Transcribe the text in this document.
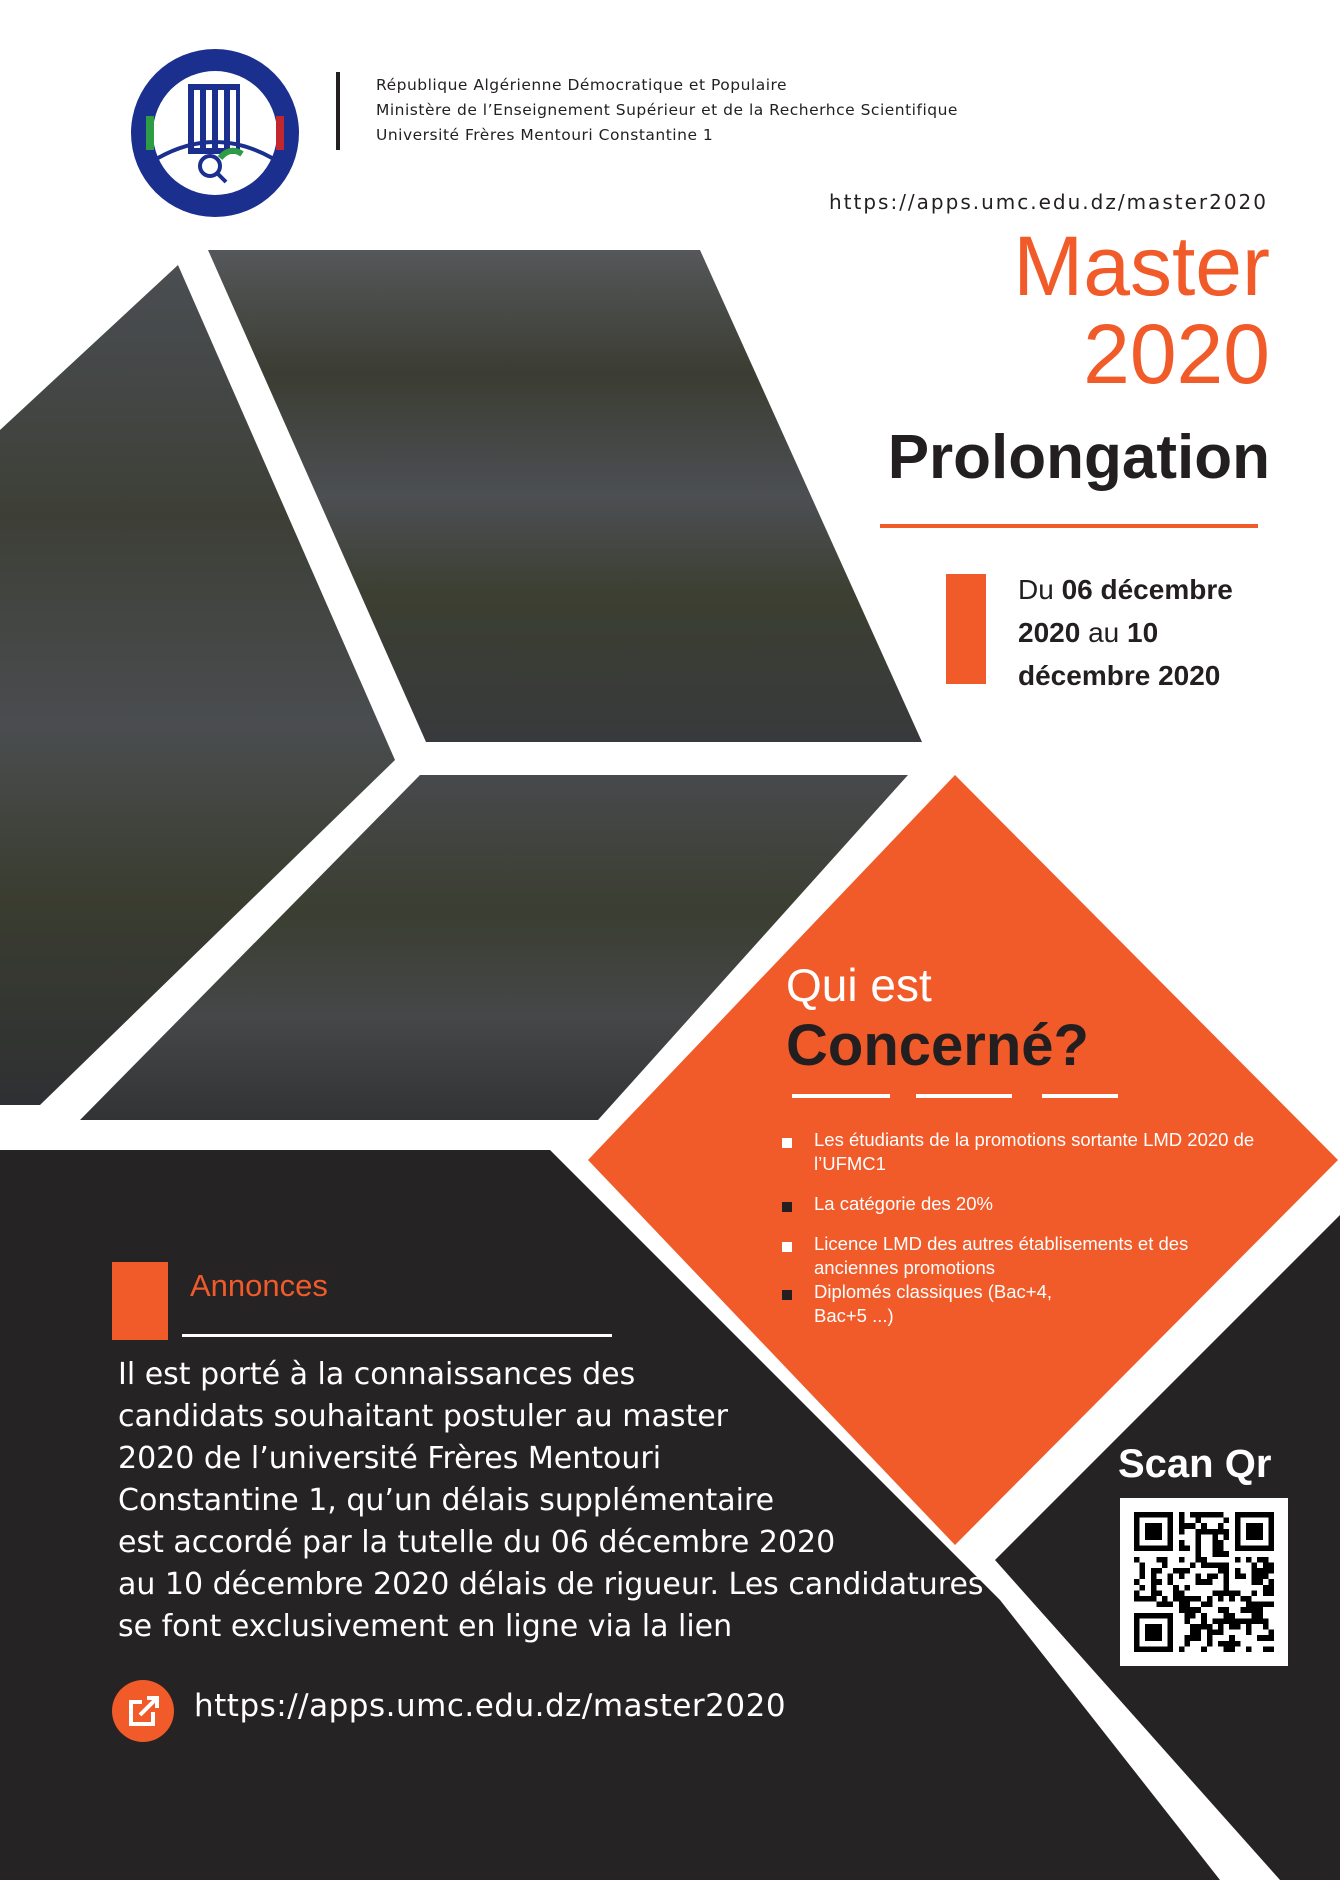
République Algérienne Démocratique et Populaire
Ministère de l’Enseignement Supérieur et de la Recherhce Scientifique
Université Frères Mentouri Constantine 1
https://apps.umc.edu.dz/master2020
Master
2020
Prolongation
Du 06 décembre
2020 au 10
décembre 2020
Qui est
Concerné?
Les étudiants de la promotions sortante LMD 2020 de l’UFMC1
La catégorie des 20%
Licence LMD des autres établisements et des anciennes promotions
Diplomés classiques (Bac+4, Bac+5 ...)
Annonces
Il est porté à la connaissances des
candidats souhaitant postuler au master
2020 de l’université Frères Mentouri
Constantine 1, qu’un délais supplémentaire
est accordé par la tutelle du 06 décembre 2020
au 10 décembre 2020 délais de rigueur. Les candidatures
se font exclusivement en ligne via la lien
https://apps.umc.edu.dz/master2020
Scan Qr
